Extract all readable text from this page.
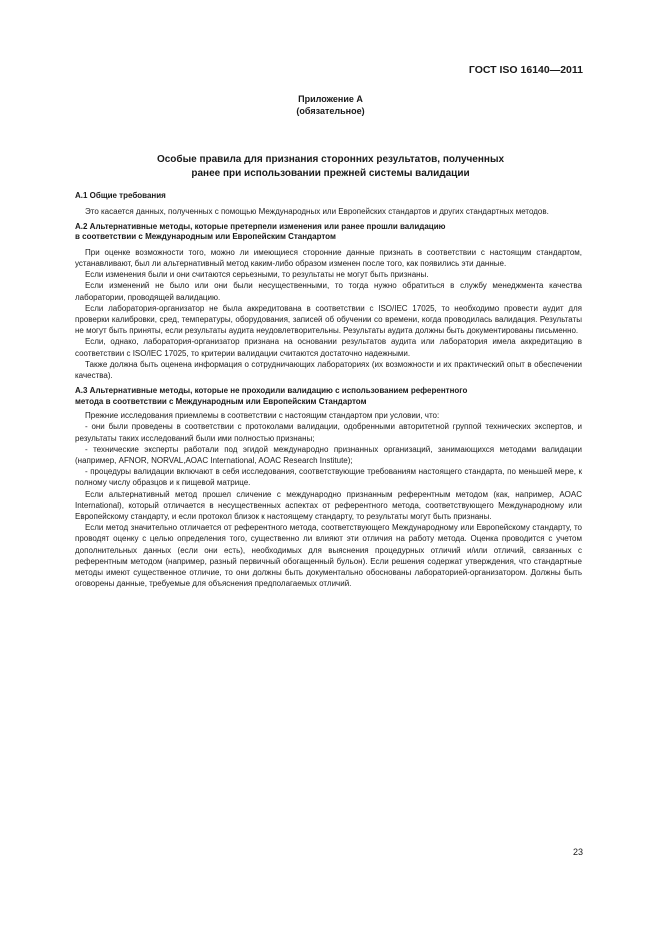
ГОСТ ISO 16140—2011
Приложение А
(обязательное)
Особые правила для признания сторонних результатов, полученных
ранее при использовании прежней системы валидации
А.1 Общие требования

Это касается данных, полученных с помощью Международных или Европейских стандартов и других стандартных методов.

А.2 Альтернативные методы, которые претерпели изменения или ранее прошли валидацию
в соответствии с Международным или Европейским Стандартом

При оценке возможности того, можно ли имеющиеся сторонние данные признать в соответствии с настоящим стандартом, устанавливают, был ли альтернативный метод каким-либо образом изменен после того, как появились эти данные.

Если изменения были и они считаются серьезными, то результаты не могут быть признаны.

Если изменений не было или они были несущественными, то тогда нужно обратиться в службу менеджмента качества лаборатории, проводящей валидацию.

Если лаборатория-организатор не была аккредитована в соответствии с ISO/IEC 17025, то необходимо провести аудит для проверки калибровки, сред, температуры, оборудования, записей об обучении со времени, когда проводилась валидация. Результаты не могут быть приняты, если результаты аудита неудовлетворительны. Результаты аудита должны быть документированы письменно.

Если, однако, лаборатория-организатор признана на основании результатов аудита или лаборатория имела аккредитацию в соответствии с ISO/IEC 17025, то критерии валидации считаются достаточно надежными.

Также должна быть оценена информация о сотрудничающих лабораториях (их возможности и их практический опыт в обеспечении качества).

А.3 Альтернативные методы, которые не проходили валидацию с использованием референтного
метода в соответствии с Международным или Европейским Стандартом

Прежние исследования приемлемы в соответствии с настоящим стандартом при условии, что:

- они были проведены в соответствии с протоколами валидации, одобренными авторитетной группой технических экспертов, и результаты таких исследований были ими полностью признаны;

- технические эксперты работали под эгидой международно признанных организаций, занимающихся методами валидации (например, AFNOR, NORVAL,AOAC International, AOAC Research Institute);

- процедуры валидации включают в себя исследования, соответствующие требованиям настоящего стандарта, по меньшей мере, к полному числу образцов и к пищевой матрице.

Если альтернативный метод прошел сличение с международно признанным референтным методом (как, например, AOAC International), который отличается в несущественных аспектах от референтного метода, соответствующего Международному или Европейскому стандарту, и если протокол близок к настоящему стандарту, то результаты могут быть признаны.

Если метод значительно отличается от референтного метода, соответствующего Международному или Европейскому стандарту, то проводят оценку с целью определения того, существенно ли влияют эти отличия на работу метода. Оценка проводится с учетом дополнительных данных (если они есть), необходимых для выяснения процедурных отличий и/или отличий, связанных с референтным методом (например, разный первичный обогащенный бульон). Если решения содержат утверждения, что стандартные методы имеют существенное отличие, то они должны быть документально обоснованы лабораторией-организатором. Должны быть оговорены данные, требуемые для объяснения предполагаемых отличий.

23
